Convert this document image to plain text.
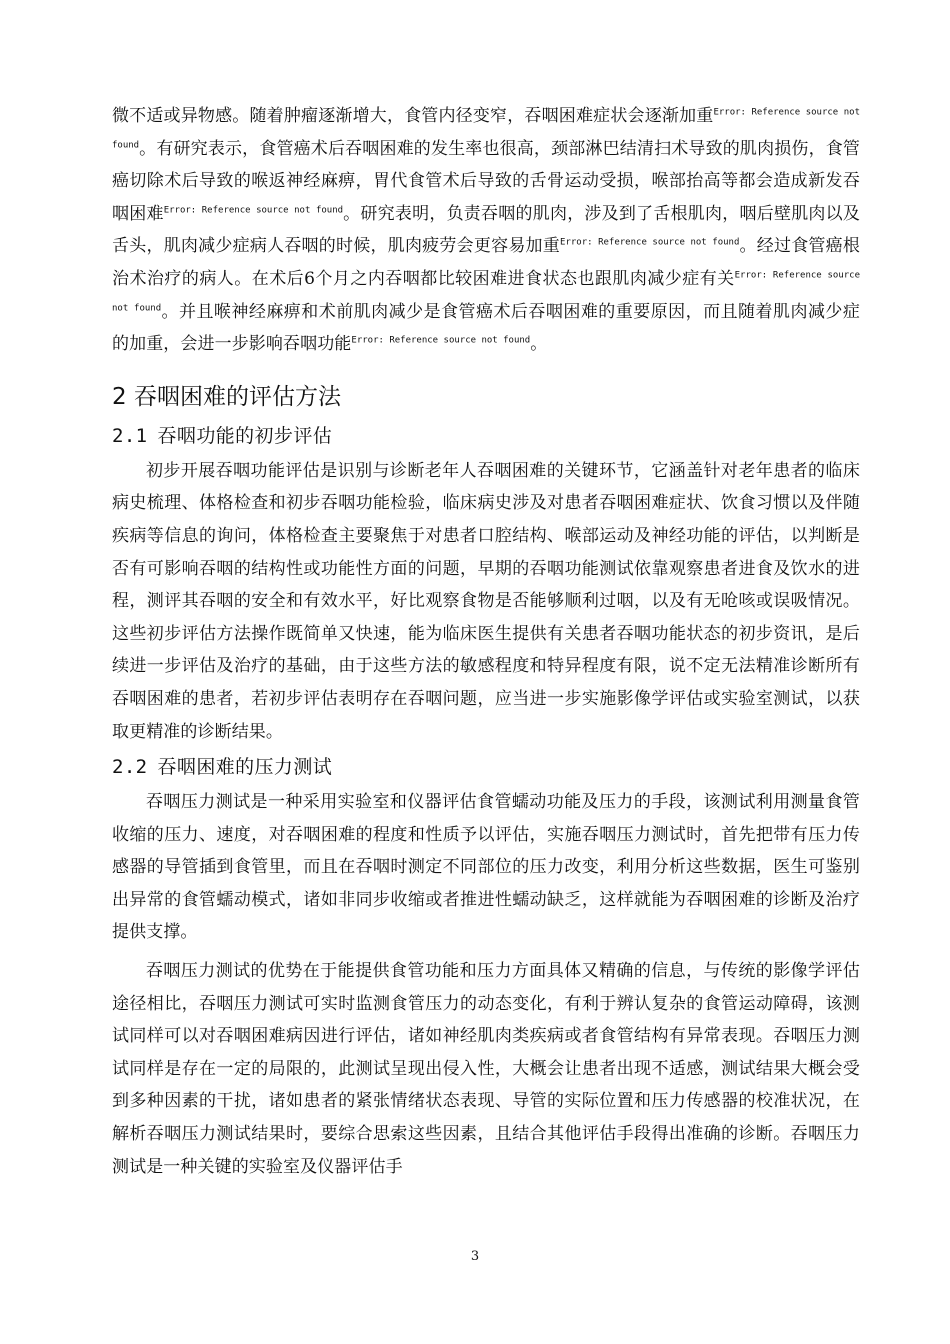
微不适或异物感。随着肿瘤逐渐增大，食管内径变窄，吞咽困难症状会逐渐加重$^{Error: Reference source not found}$。有研究表示，食管癌术后吞咽困难的发生率也很高，颈部淋巴结清扫术导致的肌肉损伤，食管癌切除术后导致的喉返神经麻痹，胃代食管术后导致的舌骨运动受损，喉部抬高等都会造成新发吞咽困难$^{Error: Reference source not found}$。研究表明，负责吞咽的肌肉，涉及到了舌根肌肉，咽后壁肌肉以及舌头，肌肉减少症病人吞咽的时候，肌肉疲劳会更容易加重$^{Error: Reference source not found}$。经过食管癌根治术治疗的病人。在术后6个月之内吞咽都比较困难进食状态也跟肌肉减少症有关$^{Error: Reference source not found}$。并且喉神经麻痹和术前肌肉减少是食管癌术后吞咽困难的重要原因，而且随着肌肉减少症的加重，会进一步影响吞咽功能$^{Error: Reference source not found}$。

2 吞咽困难的评估方法
2.1 吞咽功能的初步评估

初步开展吞咽功能评估是识别与诊断老年人吞咽困难的关键环节，它涵盖针对老年患者的临床病史梳理、体格检查和初步吞咽功能检验，临床病史涉及对患者吞咽困难症状、饮食习惯以及伴随疾病等信息的询问，体格检查主要聚焦于对患者口腔结构、喉部运动及神经功能的评估，以判断是否有可影响吞咽的结构性或功能性方面的问题，早期的吞咽功能测试依靠观察患者进食及饮水的进程，测评其吞咽的安全和有效水平，好比观察食物是否能够顺利过咽，以及有无呛咳或误吸情况。这些初步评估方法操作既简单又快速，能为临床医生提供有关患者吞咽功能状态的初步资讯，是后续进一步评估及治疗的基础，由于这些方法的敏感程度和特异程度有限，说不定无法精准诊断所有吞咽困难的患者，若初步评估表明存在吞咽问题，应当进一步实施影像学评估或实验室测试，以获取更精准的诊断结果。

2.2 吞咽困难的压力测试

吞咽压力测试是一种采用实验室和仪器评估食管蠕动功能及压力的手段，该测试利用测量食管收缩的压力、速度，对吞咽困难的程度和性质予以评估，实施吞咽压力测试时，首先把带有压力传感器的导管插到食管里，而且在吞咽时测定不同部位的压力改变，利用分析这些数据，医生可鉴别出异常的食管蠕动模式，诸如非同步收缩或者推进性蠕动缺乏，这样就能为吞咽困难的诊断及治疗提供支撑。

吞咽压力测试的优势在于能提供食管功能和压力方面具体又精确的信息，与传统的影像学评估途径相比，吞咽压力测试可实时监测食管压力的动态变化，有利于辨认复杂的食管运动障碍，该测试同样可以对吞咽困难病因进行评估，诸如神经肌肉类疾病或者食管结构有异常表现。吞咽压力测试同样是存在一定的局限的，此测试呈现出侵入性，大概会让患者出现不适感，测试结果大概会受到多种因素的干扰，诸如患者的紧张情绪状态表现、导管的实际位置和压力传感器的校准状况，在解析吞咽压力测试结果时，要综合思索这些因素，且结合其他评估手段得出准确的诊断。吞咽压力测试是一种关键的实验室及仪器评估手

3
